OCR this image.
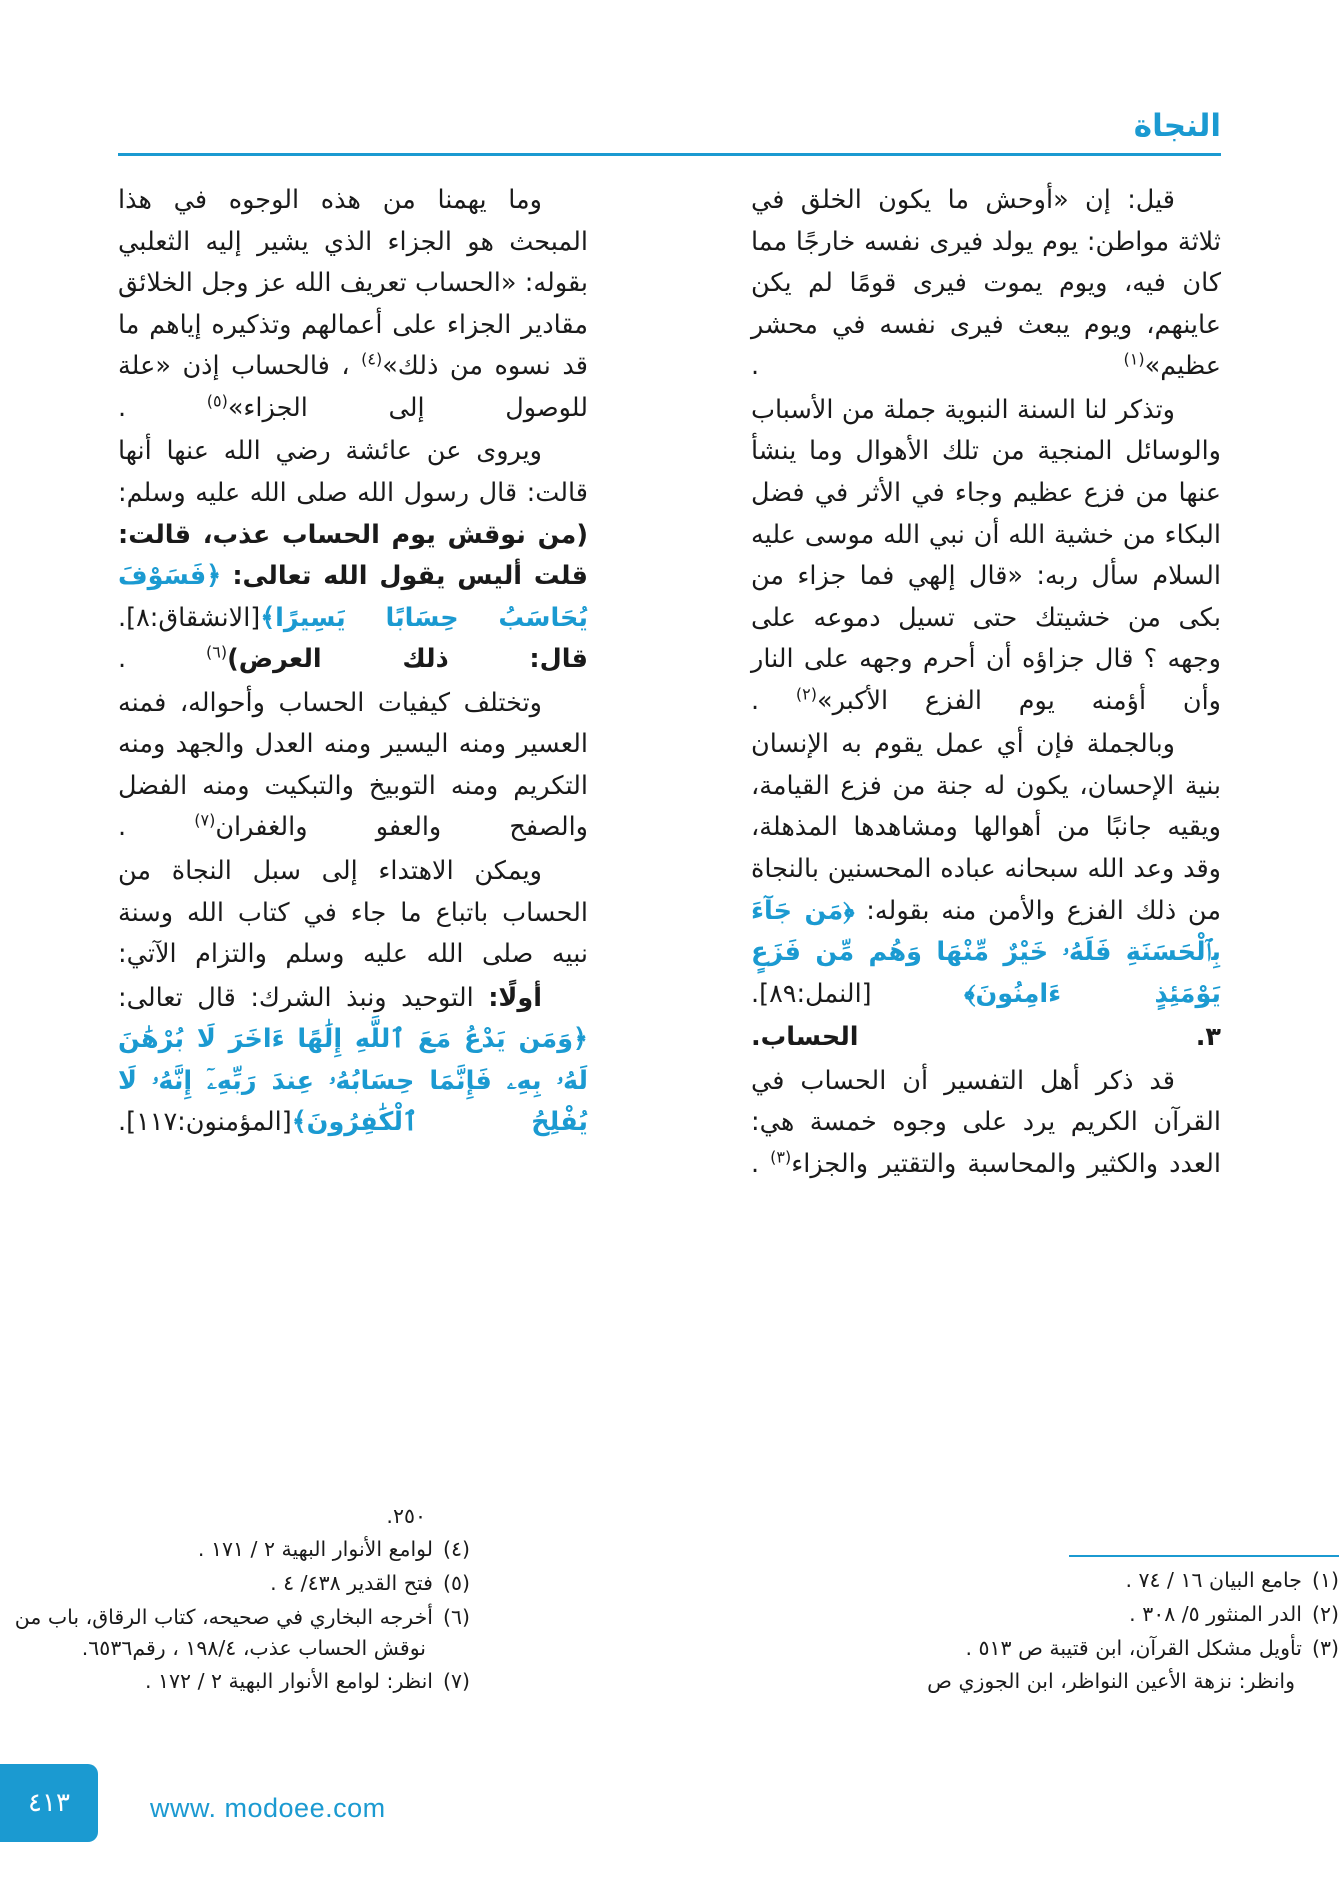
النجاة

قيل: إن «أوحش ما يكون الخلق في ثلاثة مواطن: يوم يولد فيرى نفسه خارجًا مما كان فيه، ويوم يموت فيرى قومًا لم يكن عاينهم، ويوم يبعث فيرى نفسه في محشر عظيم»$^{(١)}$ .

وتذكر لنا السنة النبوية جملة من الأسباب والوسائل المنجية من تلك الأهوال وما ينشأ عنها من فزع عظيم وجاء في الأثر في فضل البكاء من خشية الله أن نبي الله موسى عليه السلام سأل ربه: «قال إلهي فما جزاء من بكى من خشيتك حتى تسيل دموعه على وجهه ؟ قال جزاؤه أن أحرم وجهه على النار وأن أؤمنه يوم الفزع الأكبر»$^{(٢)}$ .

وبالجملة فإن أي عمل يقوم به الإنسان بنية الإحسان، يكون له جنة من فزع القيامة، ويقيه جانبًا من أهوالها ومشاهدها المذهلة، وقد وعد الله سبحانه عباده المحسنين بالنجاة من ذلك الفزع والأمن منه بقوله: ﴿مَن جَآءَ بِٱلْحَسَنَةِ فَلَهُۥ خَيْرٌ مِّنْهَا وَهُم مِّن فَزَعٍ يَوْمَئِذٍ ءَامِنُونَ﴾ [النمل:٨٩].

٣. الحساب.

قد ذكر أهل التفسير أن الحساب في القرآن الكريم يرد على وجوه خمسة هي: العدد والكثير والمحاسبة والتقتير والجزاء$^{(٣)}$ .

وما يهمنا من هذه الوجوه في هذا المبحث هو الجزاء الذي يشير إليه الثعلبي بقوله: «الحساب تعريف الله عز وجل الخلائق مقادير الجزاء على أعمالهم وتذكيره إياهم ما قد نسوه من ذلك»$^{(٤)}$ ، فالحساب إذن «علة للوصول إلى الجزاء»$^{(٥)}$ .

ويروى عن عائشة رضي الله عنها أنها قالت: قال رسول الله صلى الله عليه وسلم: (من نوقش يوم الحساب عذب، قالت: قلت أليس يقول الله تعالى: ﴿فَسَوْفَ يُحَاسَبُ حِسَابًا يَسِيرًا﴾[الانشقاق:٨]. قال: ذلك العرض)$^{(٦)}$ .

وتختلف كيفيات الحساب وأحواله، فمنه العسير ومنه اليسير ومنه العدل والجهد ومنه التكريم ومنه التوبيخ والتبكيت ومنه الفضل والصفح والعفو والغفران$^{(٧)}$ .

ويمكن الاهتداء إلى سبل النجاة من الحساب باتباع ما جاء في كتاب الله وسنة نبيه صلى الله عليه وسلم والتزام الآتي:

أولًا: التوحيد ونبذ الشرك: قال تعالى: ﴿وَمَن يَدْعُ مَعَ ٱللَّهِ إِلَٰهًا ءَاخَرَ لَا بُرْهَٰنَ لَهُۥ بِهِۦ فَإِنَّمَا حِسَابُهُۥ عِندَ رَبِّهِۦٓ إِنَّهُۥ لَا يُفْلِحُ ٱلْكَٰفِرُونَ﴾[المؤمنون:١١٧].

(١)جامع البيان ١٦ / ٧٤ .
(٢)الدر المنثور ٥/ ٣٠٨ .
(٣)تأويل مشكل القرآن، ابن قتيبة ص ٥١٣ .
وانظر: نزهة الأعين النواظر، ابن الجوزي ص
٢٥٠.
(٤)لوامع الأنوار البهية ٢ / ١٧١ .
(٥)فتح القدير ٤٣٨/ ٤ .
(٦)أخرجه البخاري في صحيحه، كتاب الرقاق، باب من نوقش الحساب عذب، ١٩٨/٤ ، رقم٦٥٣٦.
(٧)انظر: لوامع الأنوار البهية ٢ / ١٧٢ .
٤١٣	www. modoee.com
